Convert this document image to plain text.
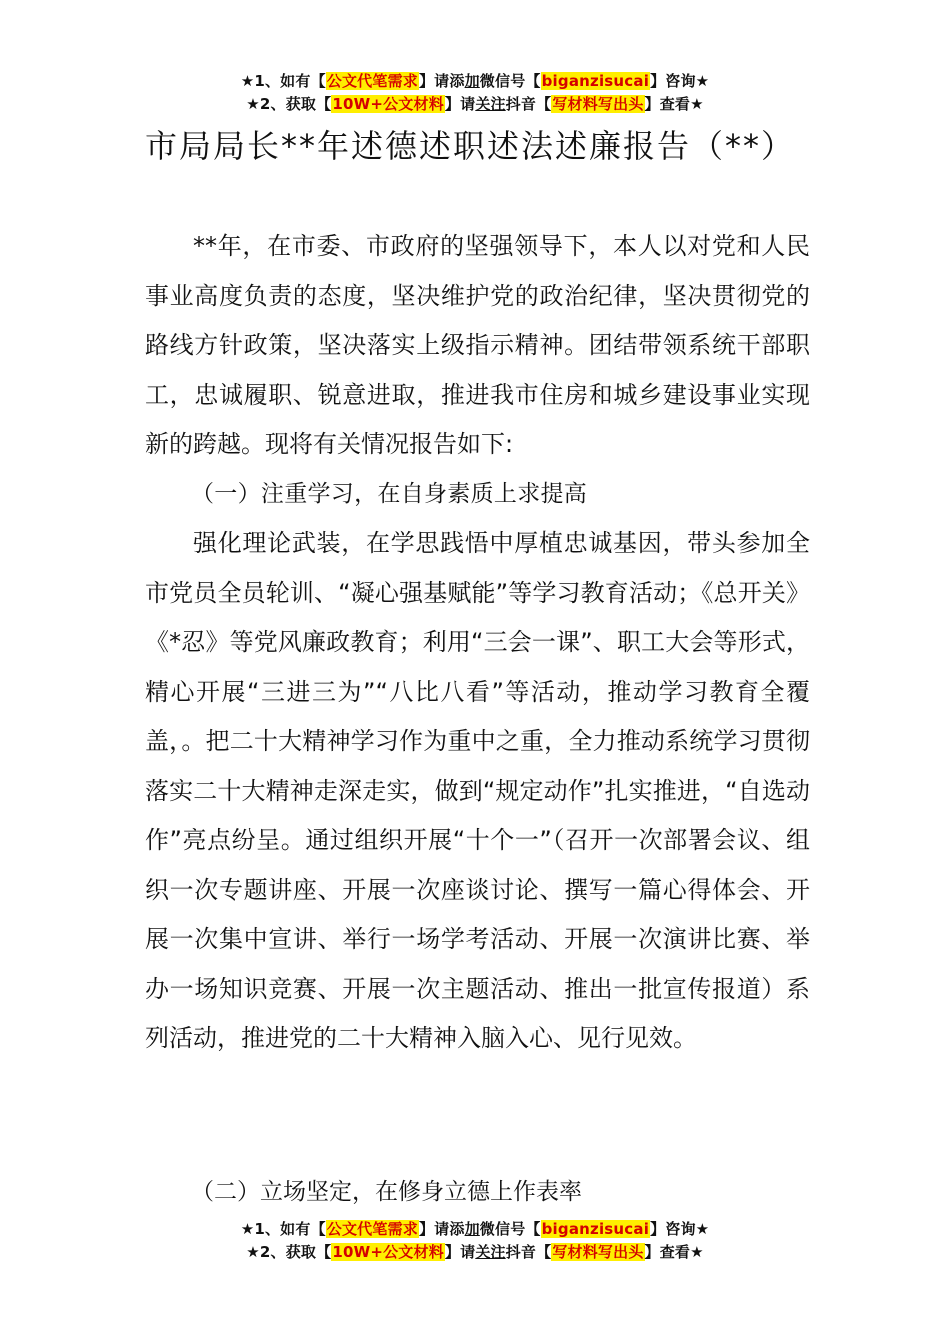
★1、如有【公文代笔需求】请添加微信号【biganzisucai】咨询★
★2、获取【10W+公文材料】请关注抖音【写材料写出头】查看★
市局局长**年述德述职述法述廉报告（**）

**年，在市委、市政府的坚强领导下，本人以对党和人民事业高度负责的态度，坚决维护党的政治纪律，坚决贯彻党的路线方针政策，坚决落实上级指示精神。团结带领系统干部职工，忠诚履职、锐意进取，推进我市住房和城乡建设事业实现新的跨越。现将有关情况报告如下:

（一）注重学习，在自身素质上求提高

强化理论武装，在学思践悟中厚植忠诚基因，带头参加全市党员全员轮训、“凝心强基赋能”等学习教育活动；《总开关》《*忍》等党风廉政教育；利用“三会一课”、职工大会等形式，精心开展“三进三为”“八比八看”等活动，推动学习教育全覆盖，。把二十大精神学习作为重中之重，全力推动系统学习贯彻落实二十大精神走深走实，做到“规定动作”扎实推进，“自选动作”亮点纷呈。通过组织开展“十个一”（召开一次部署会议、组织一次专题讲座、开展一次座谈讨论、撰写一篇心得体会、开展一次集中宣讲、举行一场学考活动、开展一次演讲比赛、举办一场知识竞赛、开展一次主题活动、推出一批宣传报道）系列活动，推进党的二十大精神入脑入心、见行见效。

（二）立场坚定，在修身立德上作表率

★1、如有【公文代笔需求】请添加微信号【biganzisucai】咨询★
★2、获取【10W+公文材料】请关注抖音【写材料写出头】查看★
